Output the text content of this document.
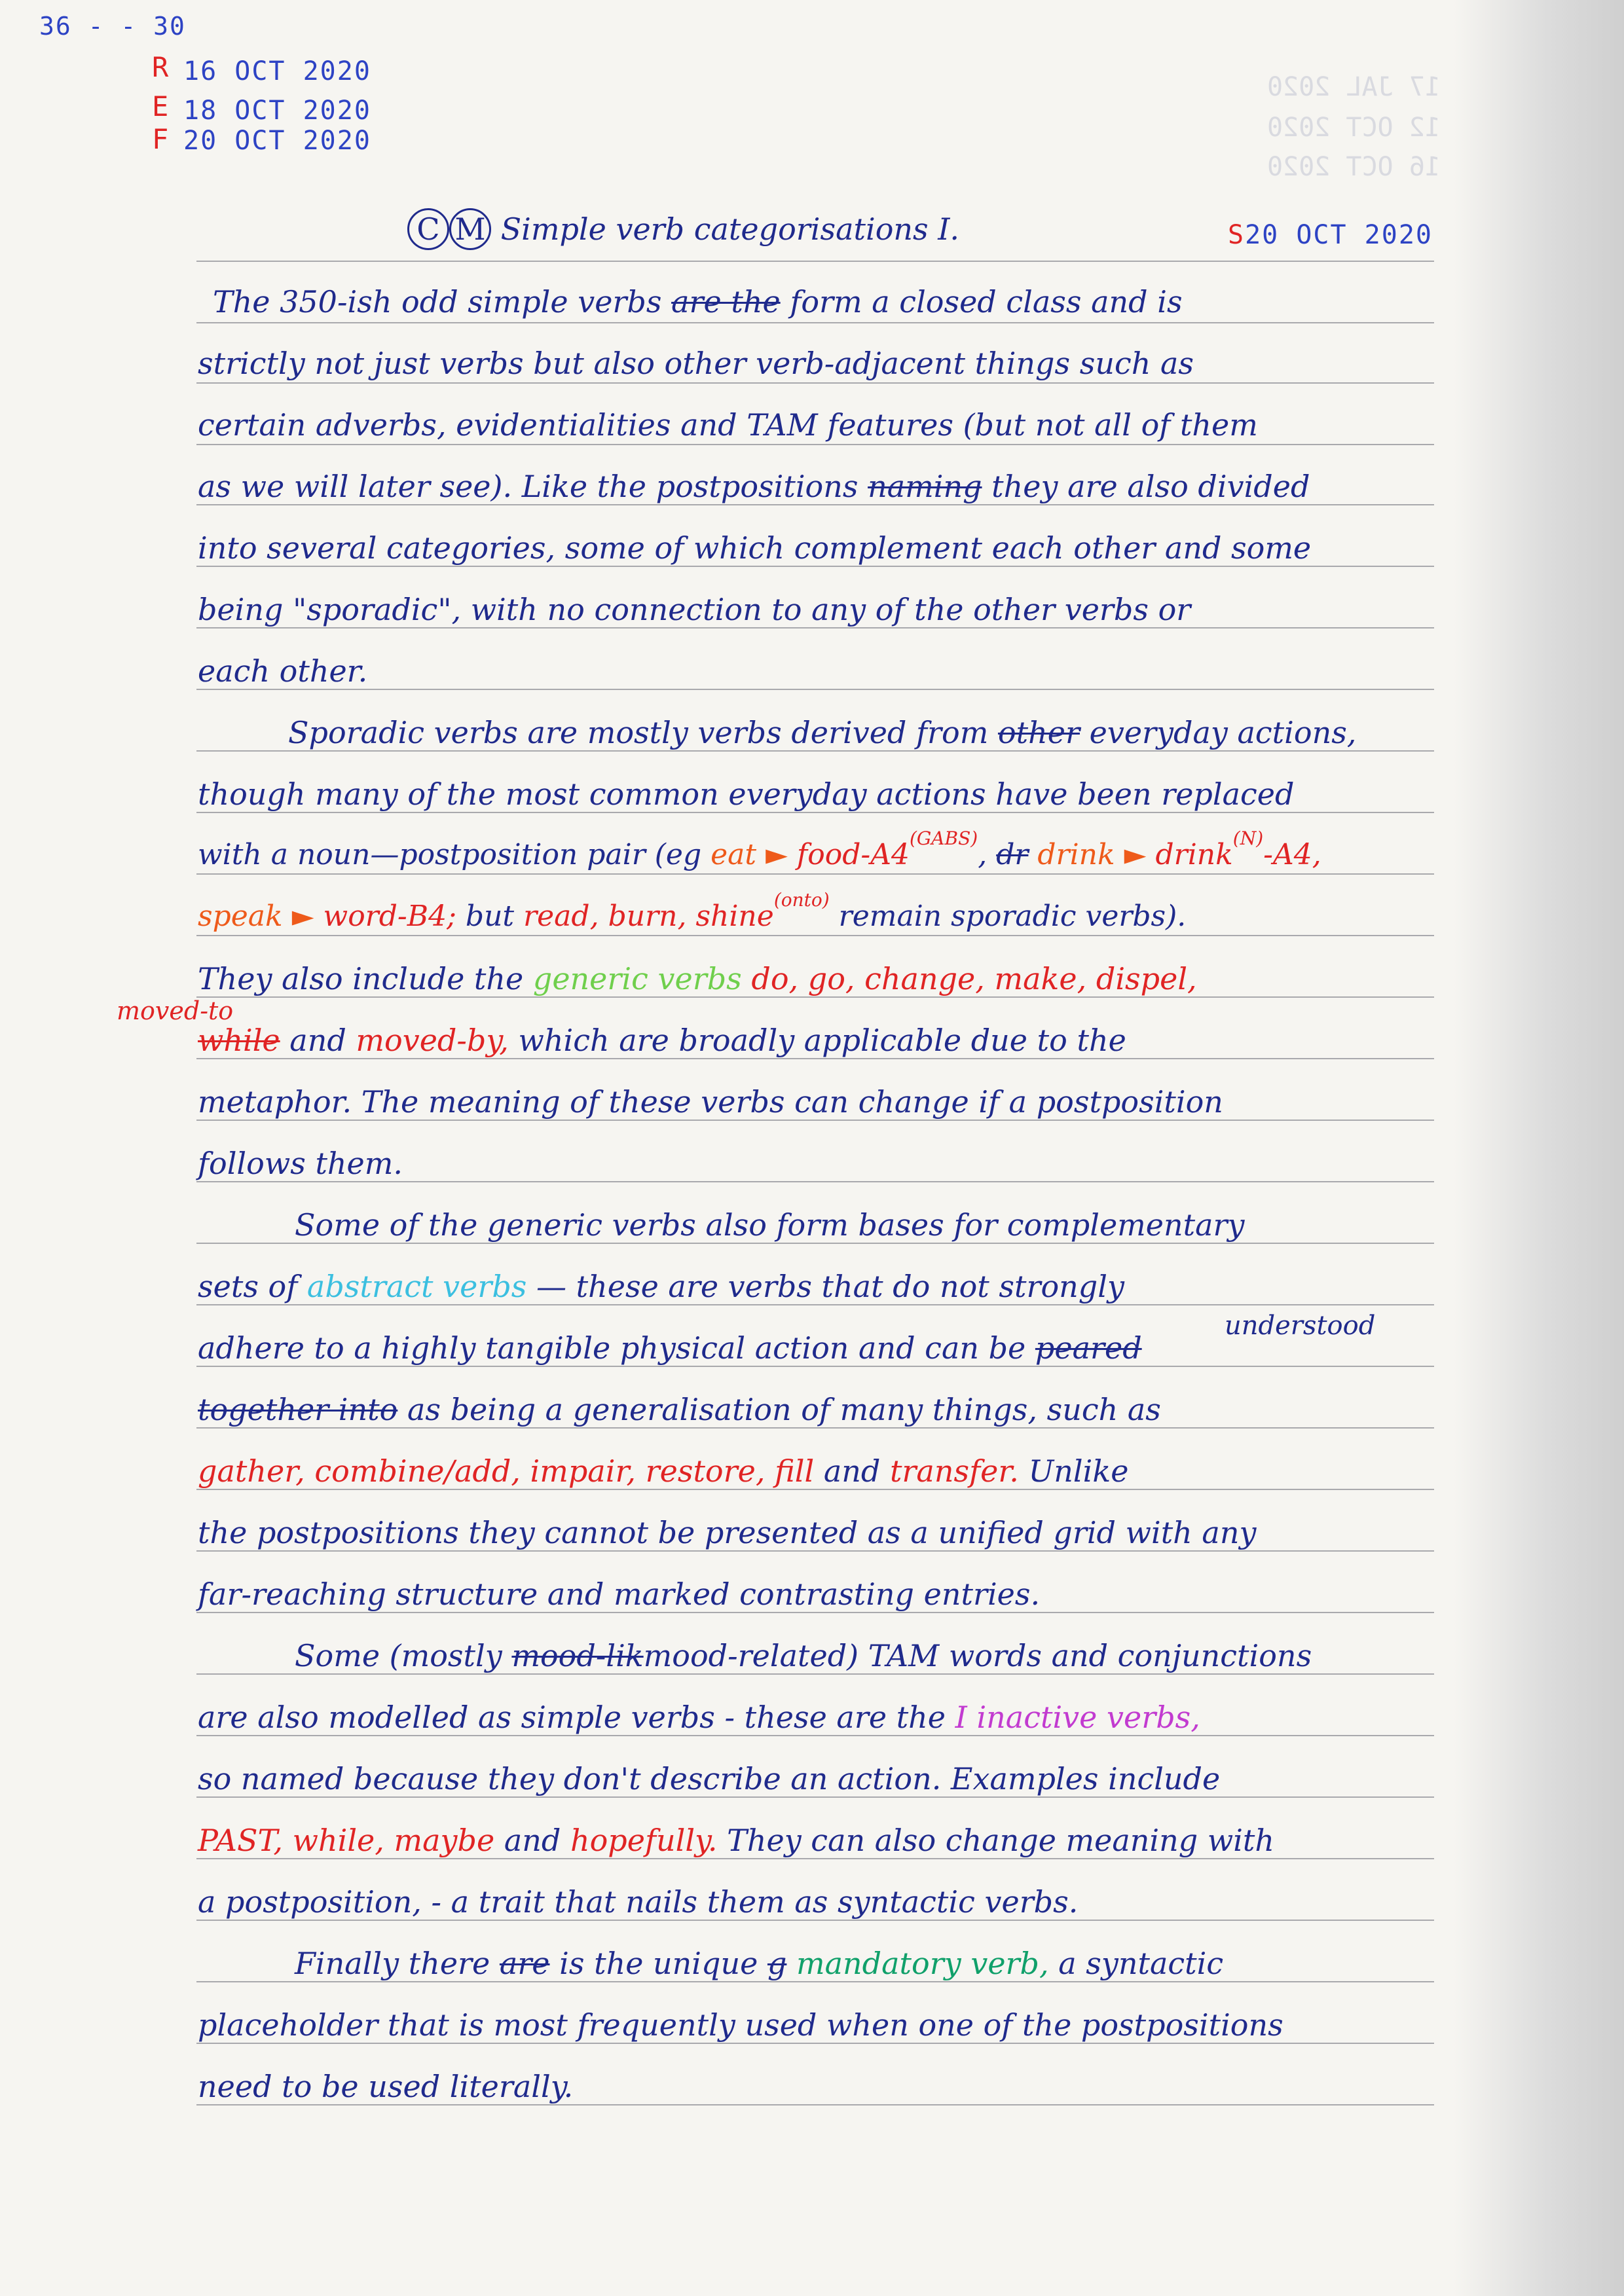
36 - - 30
R
E
F
16 OCT 2020
18 OCT 2020
20 OCT 2020
17 JAL 2020
12 OCT 2020
16 OCT 2020
C M Simple verb categorisations I.	S20 OCT 2020
The 350-ish odd simple verbs are the form a closed class and is
strictly not just verbs but also other verb-adjacent things such as
certain adverbs, evidentialities and TAM features (but not all of them
as we will later see). Like the postpositions naming they are also divided
into several categories, some of which complement each other and some
being "sporadic", with no connection to any of the other verbs or
each other.
Sporadic verbs are mostly verbs derived from other everyday actions,
though many of the most common everyday actions have been replaced
with a noun—postposition pair (eg eat ► food-$A4^{(GABS)}$, dr drink ► drink$^{(N)}$-A4,
speak ► word-B4; but read, burn, shine$^{(onto)}$ remain sporadic verbs).
They also include the generic verbs do, go, change, make, dispel,
moved-to
while and moved-by, which are broadly applicable due to the
metaphor. The meaning of these verbs can change if a postposition
follows them.
Some of the generic verbs also form bases for complementary
sets of abstract verbs — these are verbs that do not strongly
understood
adhere to a highly tangible physical action and can be peared
together into as being a generalisation of many things, such as
gather, combine/add, impair, restore, fill and transfer. Unlike
the postpositions they cannot be presented as a unified grid with any
far-reaching structure and marked contrasting entries.
Some (mostly mood-likmood-related) TAM words and conjunctions
are also modelled as simple verbs - these are the I inactive verbs,
so named because they don't describe an action. Examples include
PAST, while, maybe and hopefully. They can also change meaning with
a postposition, - a trait that nails them as syntactic verbs.
Finally there are is the unique g mandatory verb, a syntactic
placeholder that is most frequently used when one of the postpositions
need to be used literally.
